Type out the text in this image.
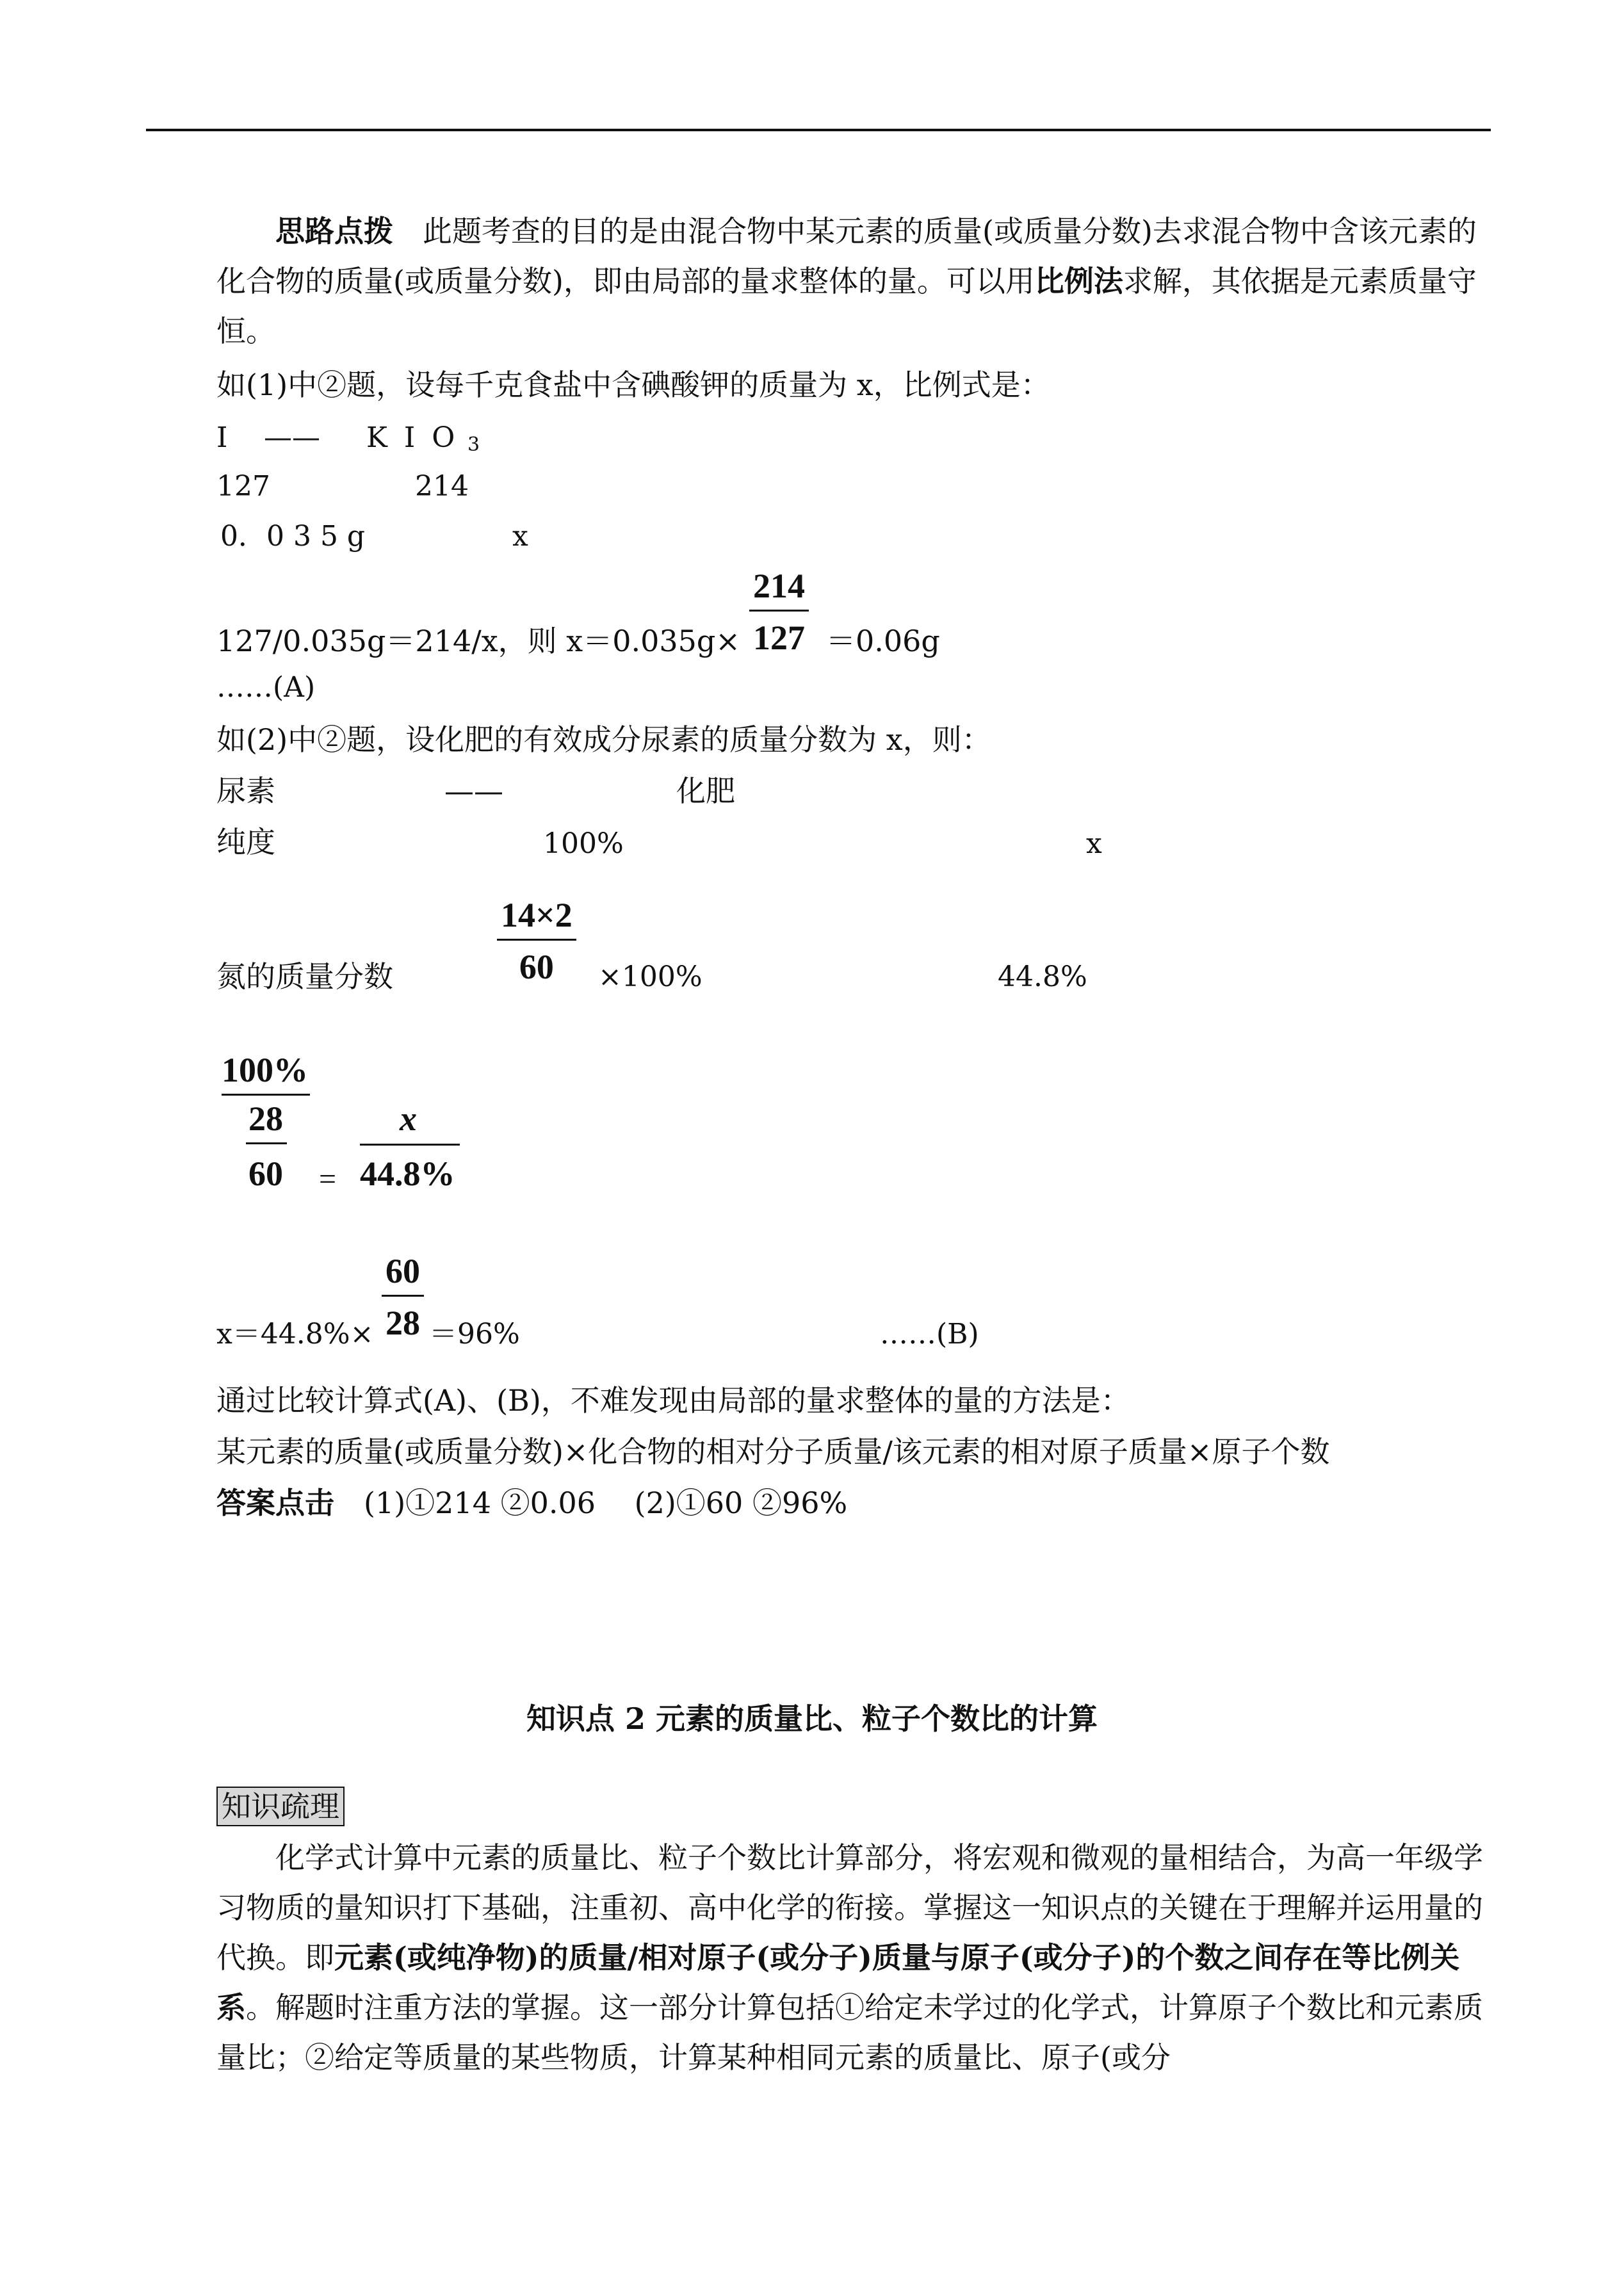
思路点拨　 此题考查的目的是由混合物中某元素的质量(或质量分数)去求混合物中含该元素的化合物的质量(或质量分数)，即由局部的量求整体的量。可以用比例法求解，其依据是元素质量守恒。
如(1)中②题，设每千克食盐中含碘酸钾的质量为 x，比例式是：
I —— K I O 3
127	214
0．0 3 5 g	x
214
127
127/0.035g＝214/x，则 x＝0.035g×	＝0.06g
……(A)
如(2)中②题，设化肥的有效成分尿素的质量分数为 x，则：
尿素	——	化肥
纯度	100%	x
14×2
60
氮的质量分数	×100%	44.8%
100%
28
60 =
x
44.8%
60
28
x＝44.8%× ＝96%	……(B)
通过比较计算式(A)、(B)，不难发现由局部的量求整体的量的方法是：
某元素的质量(或质量分数)×化合物的相对分子质量/该元素的相对原子质量×原子个数
答案点击　 (1)①214 ②0.06　 (2)①60 ②96%
知识点 2 元素的质量比、粒子个数比的计算
知识疏理
化学式计算中元素的质量比、粒子个数比计算部分，将宏观和微观的量相结合，为高一年级学习物质的量知识打下基础，注重初、高中化学的衔接。掌握这一知识点的关键在于理解并运用量的代换。即元素(或纯净物)的质量/相对原子(或分子)质量与原子(或分子)的个数之间存在等比例关系。解题时注重方法的掌握。这一部分计算包括①给定未学过的化学式，计算原子个数比和元素质量比；②给定等质量的某些物质，计算某种相同元素的质量比、原子(或分
